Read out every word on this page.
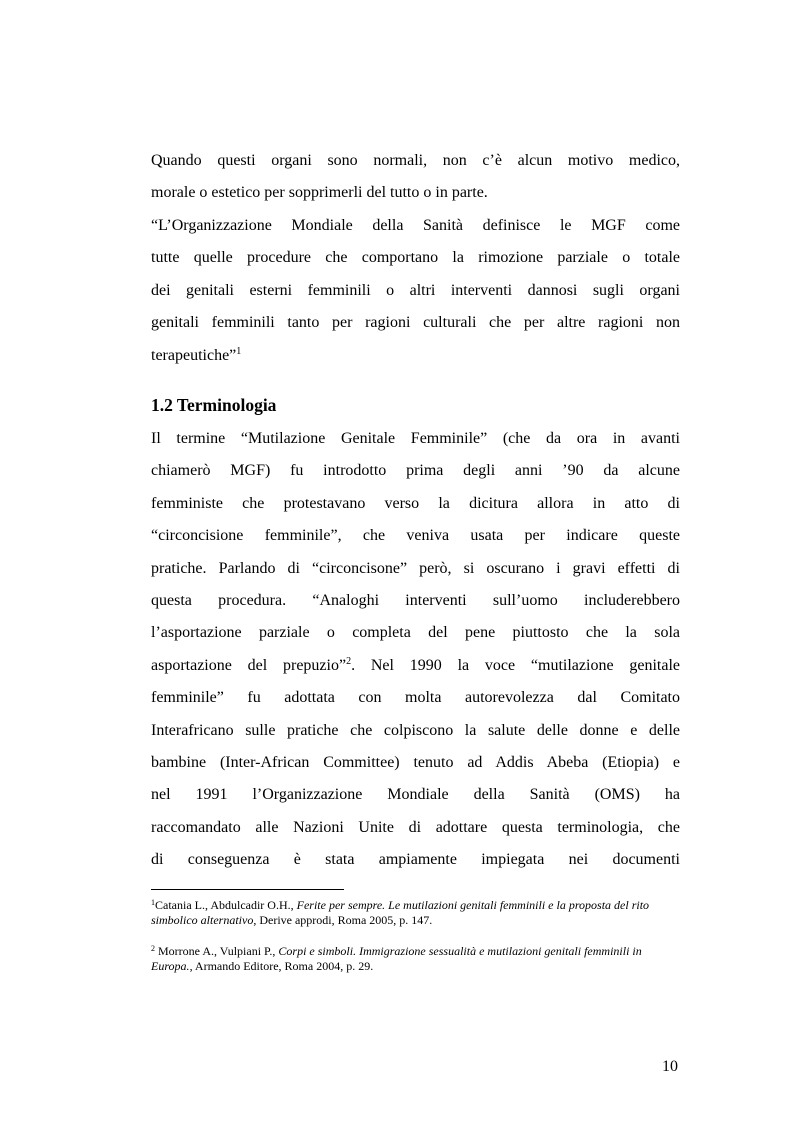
Quando questi organi sono normali, non c’è alcun motivo medico,
morale o estetico per sopprimerli del tutto o in parte.
“L’Organizzazione Mondiale della Sanità definisce le MGF come
tutte quelle procedure che comportano la rimozione parziale o totale
dei genitali esterni femminili o altri interventi dannosi sugli organi
genitali femminili tanto per ragioni culturali che per altre ragioni non
terapeutiche”$^1$
1.2 Terminologia
Il termine “Mutilazione Genitale Femminile” (che da ora in avanti
chiamerò MGF) fu introdotto prima degli anni ’90 da alcune
femministe che protestavano verso la dicitura allora in atto di
“circoncisione femminile”, che veniva usata per indicare queste
pratiche. Parlando di “circoncisone” però, si oscurano i gravi effetti di
questa procedura. “Analoghi interventi sull’uomo includerebbero
l’asportazione parziale o completa del pene piuttosto che la sola
asportazione del prepuzio”$^2$. Nel 1990 la voce “mutilazione genitale
femminile” fu adottata con molta autorevolezza dal Comitato
Interafricano sulle pratiche che colpiscono la salute delle donne e delle
bambine (Inter-African Committee) tenuto ad Addis Abeba (Etiopia) e
nel 1991 l’Organizzazione Mondiale della Sanità (OMS) ha
raccomandato alle Nazioni Unite di adottare questa terminologia, che
di conseguenza è stata ampiamente impiegata nei documenti
$^1$Catania L., Abdulcadir O.H., Ferite per sempre. Le mutilazioni genitali femminili e la proposta del rito simbolico alternativo, Derive approdi, Roma 2005, p. 147.
$^2$ Morrone A., Vulpiani P., Corpi e simboli. Immigrazione sessualità e mutilazioni genitali femminili in Europa., Armando Editore, Roma 2004, p. 29.
10
